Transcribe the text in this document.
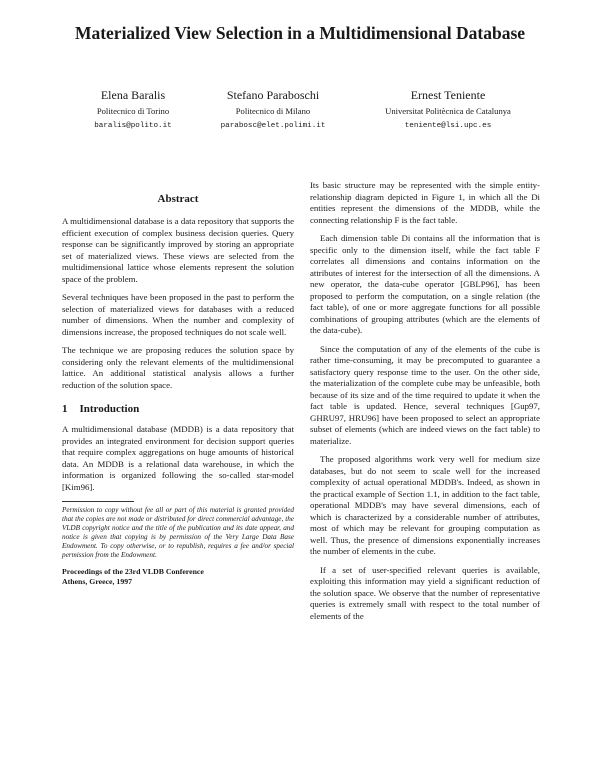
Materialized View Selection in a Multidimensional Database
Elena Baralis
Politecnico di Torino
baralis@polito.it
Stefano Paraboschi
Politecnico di Milano
parabosc@elet.polimi.it
Ernest Teniente
Universitat Politècnica de Catalunya
teniente@lsi.upc.es
Abstract

A multidimensional database is a data repository that supports the efficient execution of complex business decision queries. Query response can be significantly improved by storing an appropriate set of materialized views. These views are selected from the multidimensional lattice whose elements represent the solution space of the problem.

Several techniques have been proposed in the past to perform the selection of materialized views for databases with a reduced number of dimensions. When the number and complexity of dimensions increase, the proposed techniques do not scale well.

The technique we are proposing reduces the solution space by considering only the relevant elements of the multidimensional lattice. An additional statistical analysis allows a further reduction of the solution space.

1 Introduction

A multidimensional database (MDDB) is a data repository that provides an integrated environment for decision support queries that require complex aggregations on huge amounts of historical data. An MDDB is a relational data warehouse, in which the information is organized following the so-called star-model [Kim96].

Permission to copy without fee all or part of this material is granted provided that the copies are not made or distributed for direct commercial advantage, the VLDB copyright notice and the title of the publication and its date appear, and notice is given that copying is by permission of the Very Large Data Base Endowment. To copy otherwise, or to republish, requires a fee and/or special permission from the Endowment.

Proceedings of the 23rd VLDB Conference
Athens, Greece, 1997

Its basic structure may be represented with the simple entity-relationship diagram depicted in Figure 1, in which all the Di entities represent the dimensions of the MDDB, while the connecting relationship F is the fact table.

Each dimension table Di contains all the information that is specific only to the dimension itself, while the fact table F correlates all dimensions and contains information on the attributes of interest for the intersection of all the dimensions. A new operator, the data-cube operator [GBLP96], has been proposed to perform the computation, on a single relation (the fact table), of one or more aggregate functions for all possible combinations of grouping attributes (which are the elements of the data-cube).

Since the computation of any of the elements of the cube is rather time-consuming, it may be precomputed to guarantee a satisfactory query response time to the user. On the other side, the materialization of the complete cube may be unfeasible, both because of its size and of the time required to update it when the fact table is updated. Hence, several techniques [Gup97, GHRU97, HRU96] have been proposed to select an appropriate subset of elements (which are indeed views on the fact table) to materialize.

The proposed algorithms work very well for medium size databases, but do not seem to scale well for the increased complexity of actual operational MDDB's. Indeed, as shown in the practical example of Section 1.1, in addition to the fact table, operational MDDB's may have several dimensions, each of which is characterized by a considerable number of attributes, most of which may be relevant for grouping computation as well. Thus, the presence of dimensions exponentially increases the number of elements in the cube.

If a set of user-specified relevant queries is available, exploiting this information may yield a significant reduction of the solution space. We observe that the number of representative queries is extremely small with respect to the total number of elements of the
